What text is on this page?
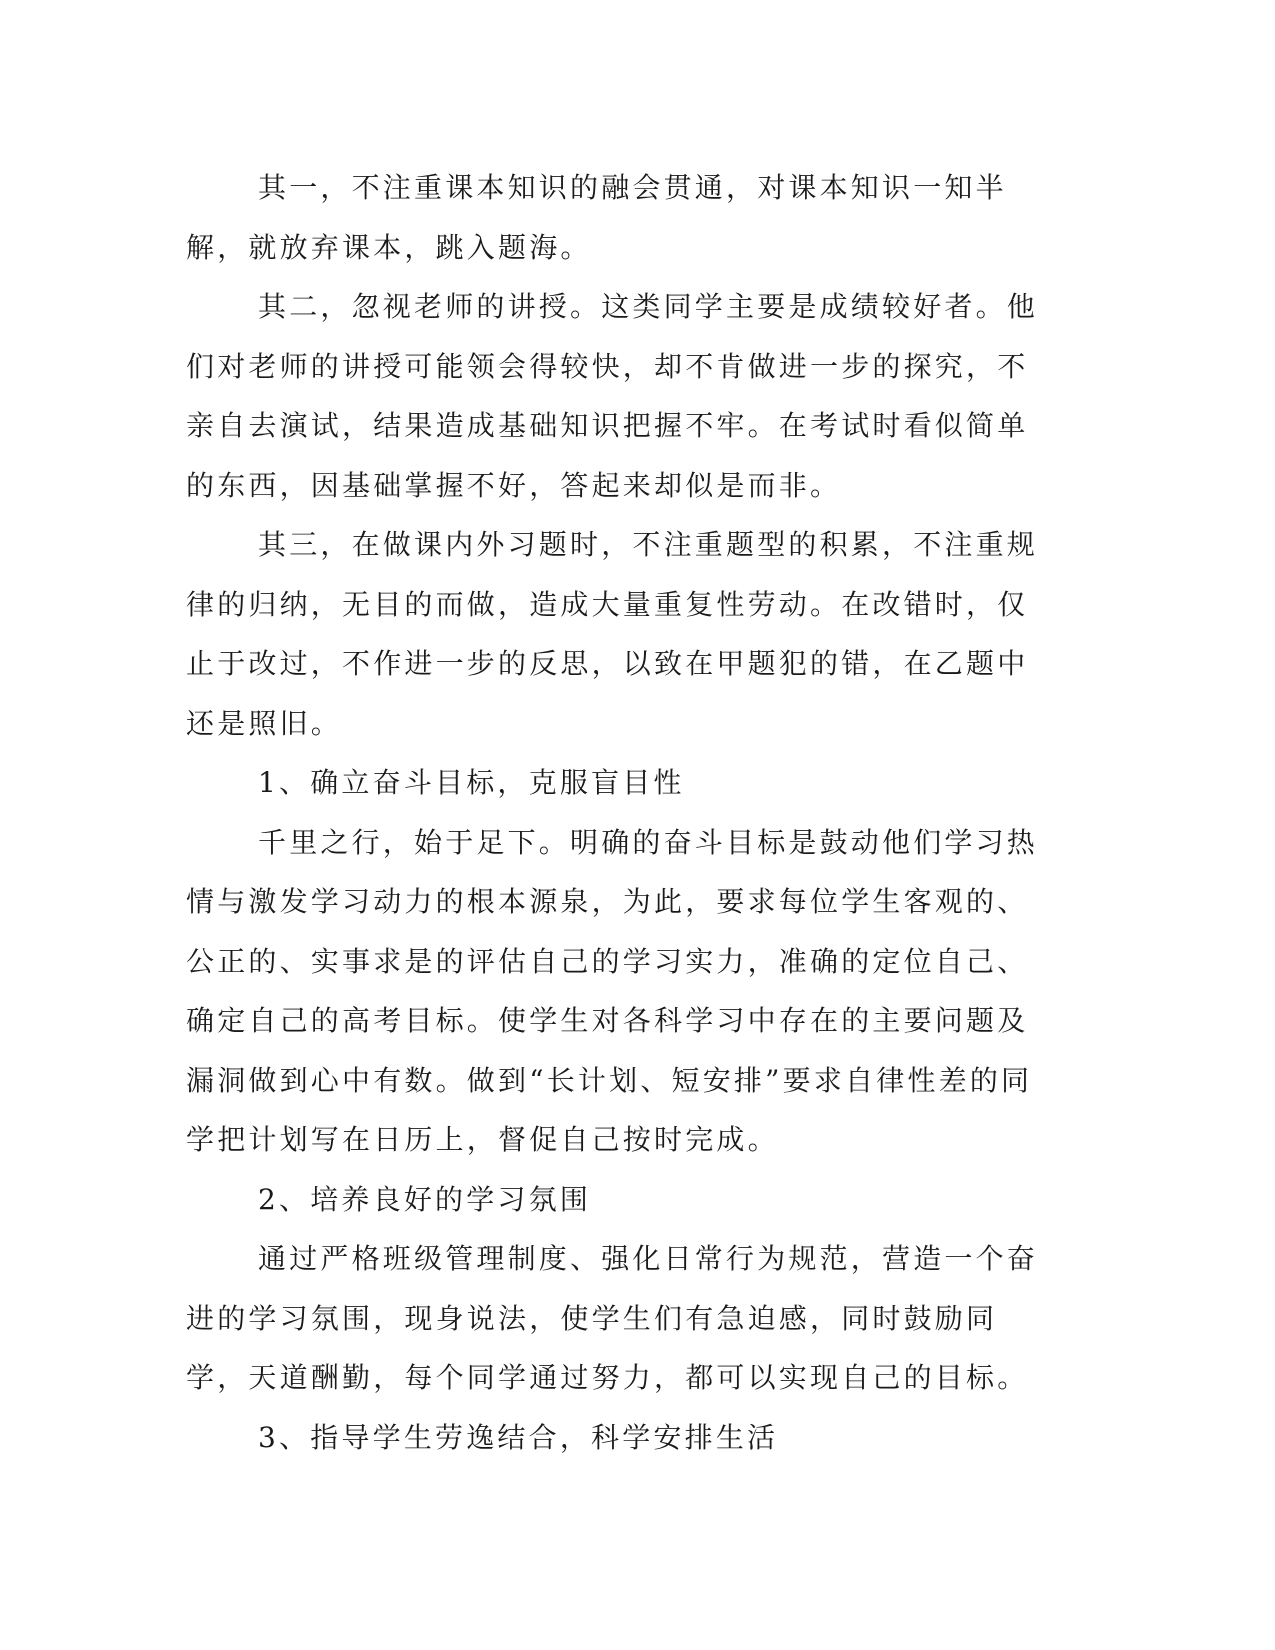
其一，不注重课本知识的融会贯通，对课本知识一知半解，就放弃课本，跳入题海。

其二，忽视老师的讲授。这类同学主要是成绩较好者。他们对老师的讲授可能领会得较快，却不肯做进一步的探究，不亲自去演试，结果造成基础知识把握不牢。在考试时看似简单的东西，因基础掌握不好，答起来却似是而非。

其三，在做课内外习题时，不注重题型的积累，不注重规律的归纳，无目的而做，造成大量重复性劳动。在改错时，仅止于改过，不作进一步的反思，以致在甲题犯的错，在乙题中还是照旧。

1、确立奋斗目标，克服盲目性

千里之行，始于足下。明确的奋斗目标是鼓动他们学习热情与激发学习动力的根本源泉，为此，要求每位学生客观的、公正的、实事求是的评估自己的学习实力，准确的定位自己、确定自己的高考目标。使学生对各科学习中存在的主要问题及漏洞做到心中有数。做到“长计划、短安排”要求自律性差的同学把计划写在日历上，督促自己按时完成。

2、培养良好的学习氛围

通过严格班级管理制度、强化日常行为规范，营造一个奋进的学习氛围，现身说法，使学生们有急迫感，同时鼓励同学，天道酬勤，每个同学通过努力，都可以实现自己的目标。

3、指导学生劳逸结合，科学安排生活
